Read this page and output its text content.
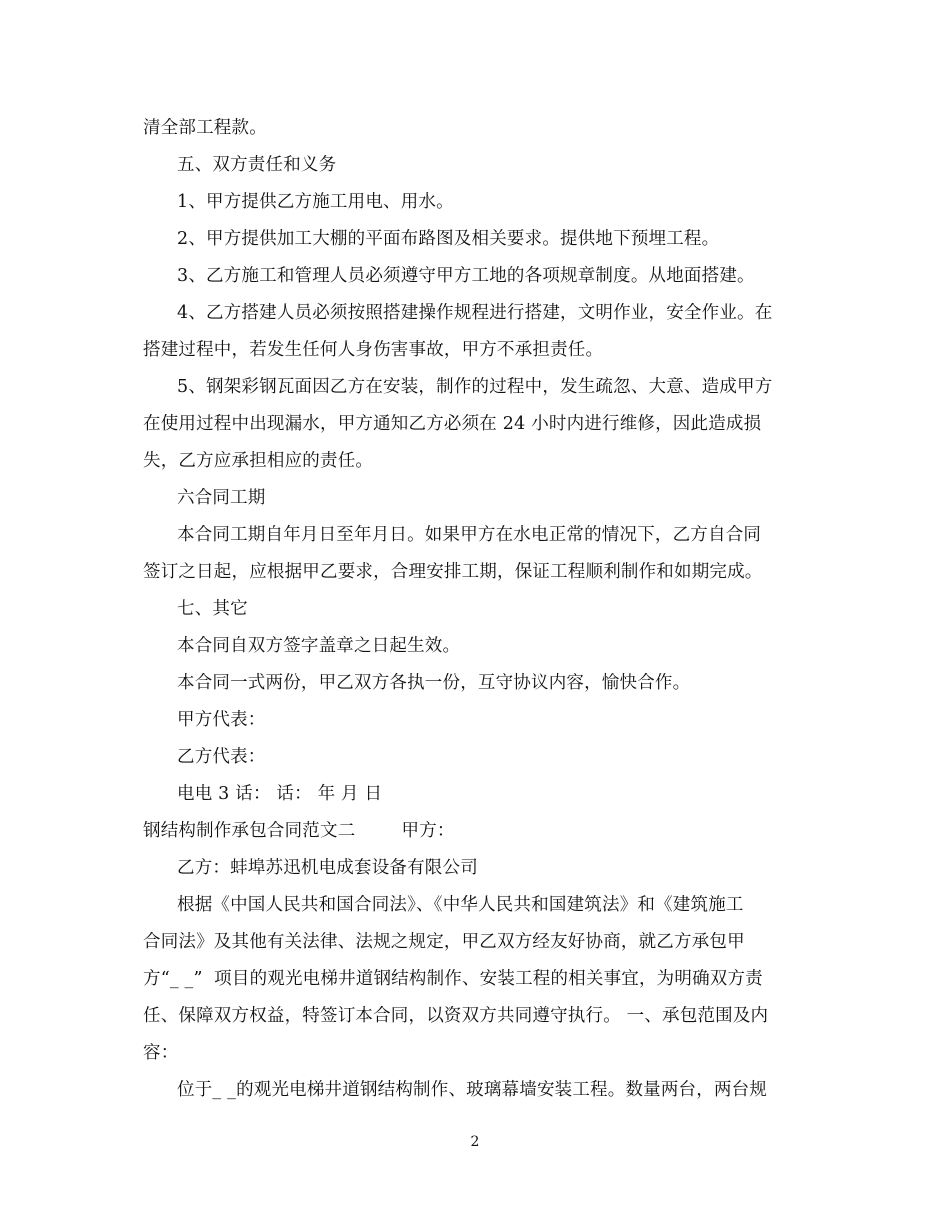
清全部工程款。
五、双方责任和义务
1、甲方提供乙方施工用电、用水。
2、甲方提供加工大棚的平面布路图及相关要求。提供地下预埋工程。
3、乙方施工和管理人员必须遵守甲方工地的各项规章制度。从地面搭建。
4、乙方搭建人员必须按照搭建操作规程进行搭建，文明作业，安全作业。在
搭建过程中，若发生任何人身伤害事故，甲方不承担责任。
5、钢架彩钢瓦面因乙方在安装，制作的过程中，发生疏忽、大意、造成甲方
在使用过程中出现漏水，甲方通知乙方必须在 24 小时内进行维修，因此造成损
失，乙方应承担相应的责任。
六合同工期
本合同工期自年月日至年月日。如果甲方在水电正常的情况下，乙方自合同
签订之日起，应根据甲乙要求，合理安排工期，保证工程顺利制作和如期完成。
七、其它
本合同自双方签字盖章之日起生效。
本合同一式两份，甲乙双方各执一份，互守协议内容，愉快合作。
甲方代表：
乙方代表：
电电 3 话： 话： 年 月 日
钢结构制作承包合同范文二        甲方：
乙方：蚌埠苏迅机电成套设备有限公司
根据《中国人民共和国合同法》、《中华人民共和国建筑法》和《建筑施工
合同法》及其他有关法律、法规之规定，甲乙双方经友好协商，就乙方承包甲
方“_ _”  项目的观光电梯井道钢结构制作、安装工程的相关事宜，为明确双方责
任、保障双方权益，特签订本合同，以资双方共同遵守执行。 一、承包范围及内
容：
位于_ _的观光电梯井道钢结构制作、玻璃幕墙安装工程。数量两台，两台规
2
